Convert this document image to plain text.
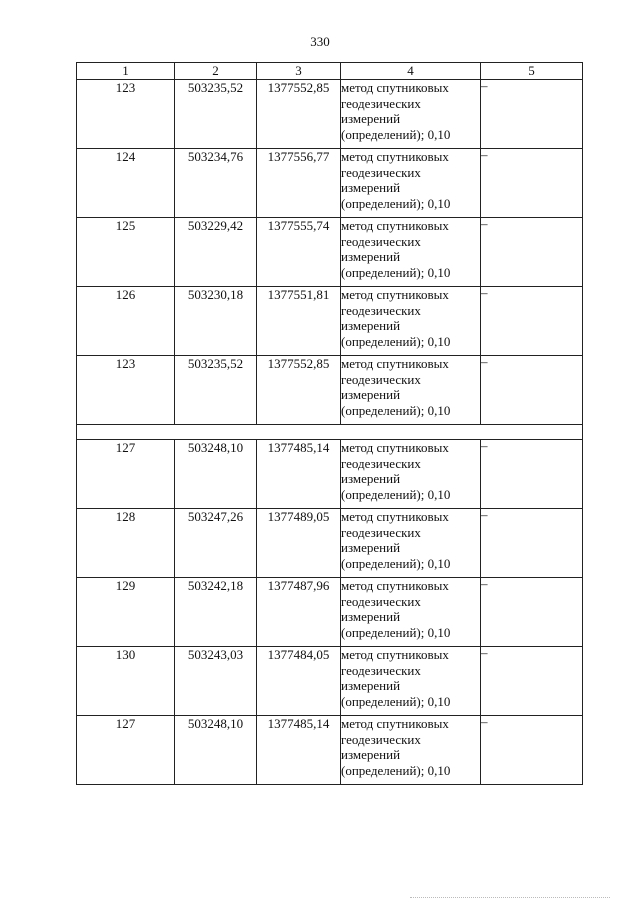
330
1	2	3	4	5
123	503235,52	1377552,85	метод спутниковых геодезических измерений (определений); 0,10	–
124	503234,76	1377556,77	метод спутниковых геодезических измерений (определений); 0,10	–
125	503229,42	1377555,74	метод спутниковых геодезических измерений (определений); 0,10	–
126	503230,18	1377551,81	метод спутниковых геодезических измерений (определений); 0,10	–
123	503235,52	1377552,85	метод спутниковых геодезических измерений (определений); 0,10	–

127	503248,10	1377485,14	метод спутниковых геодезических измерений (определений); 0,10	–
128	503247,26	1377489,05	метод спутниковых геодезических измерений (определений); 0,10	–
129	503242,18	1377487,96	метод спутниковых геодезических измерений (определений); 0,10	–
130	503243,03	1377484,05	метод спутниковых геодезических измерений (определений); 0,10	–
127	503248,10	1377485,14	метод спутниковых геодезических измерений (определений); 0,10	–
